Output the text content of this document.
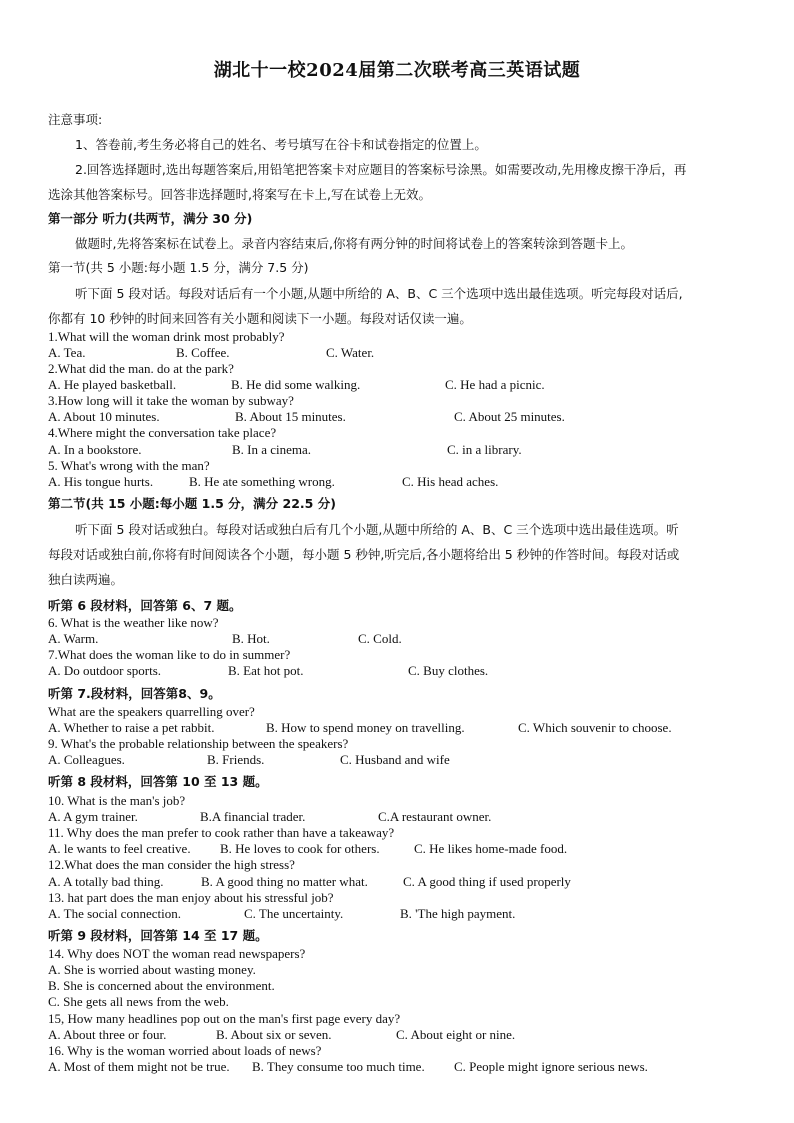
湖北十一校2024届第二次联考高三英语试题
注意事项:
1、答卷前,考生务必将自己的姓名、考号填写在谷卡和试卷指定的位置上。
2.回答选择题时,选出每题答案后,用铅笔把答案卡对应题目的答案标号涂黑。如需要改动,先用橡皮擦干净后，再
选涂其他答案标号。回答非选择题时,将案写在卡上,写在试卷上无效。
第一部分 听力(共两节，满分 30 分)
做题时,先将答案标在试卷上。录音内容结束后,你将有两分钟的时间将试卷上的答案转涂到答题卡上。
第一节(共 5 小题:每小题 1.5 分，满分 7.5 分)
听下面 5 段对话。每段对话后有一个小题,从题中所给的 A、B、C 三个选项中选出最佳选项。听完每段对话后,
你都有 10 秒钟的时间来回答有关小题和阅读下一小题。每段对话仅读一遍。
1.What will the woman drink most probably?
A. Tea.	B. Coffee.	C. Water.
2.What did the man. do at the park?
A. He played basketball.	B. He did some walking.	C. He had a picnic.
3.How long will it take the woman by subway?
A. About 10 minutes.	B. About 15 minutes.	C. About 25 minutes.
4.Where might the conversation take place?
A. In a bookstore.	B. In a cinema.	C. in a library.
5. What's wrong with the man?
A. His tongue hurts.	B. He ate something wrong.	C. His head aches.
第二节(共 15 小题:每小题 1.5 分，满分 22.5 分)
听下面 5 段对话或独白。每段对话或独白后有几个小题,从题中所给的 A、B、C 三个选项中选出最佳选项。听
每段对话或独白前,你将有时间阅读各个小题，每小题 5 秒钟,听完后,各小题将给出 5 秒钟的作答时间。每段对话或
独白读两遍。
听第 6 段材料，回答第 6、7 题。
6. What is the weather like now?
A. Warm.	B. Hot.	C. Cold.
7.What does the woman like to do in summer?
A. Do outdoor sports.	B. Eat hot pot.	C. Buy clothes.
听第 7.段材料，回答第8、9。
What are the speakers quarrelling over?
A. Whether to raise a pet rabbit.	B. How to spend money on travelling.	C. Which souvenir to choose.
9. What's the probable relationship between the speakers?
A. Colleagues.	B. Friends.	C. Husband and wife
听第 8 段材料，回答第 10 至 13 题。
10. What is the man's job?
A. A gym trainer.	B.A financial trader.	C.A restaurant owner.
11. Why does the man prefer to cook rather than have a takeaway?
A. le wants to feel creative. B. He loves to cook for others.	C. He likes home-made food.
12.What does the man consider the high stress?
A. A totally bad thing.	B. A good thing no matter what.	C. A good thing if used properly
13. hat part does the man enjoy about his stressful job?
A. The social connection.	C. The uncertainty.	B. 'The high payment.
听第 9 段材料，回答第 14 至 17 题。
14. Why does NOT the woman read newspapers?
A. She is worried about wasting money.
B. She is concerned about the environment.
C. She gets all news from the web.
15, How many headlines pop out on the man's first page every day?
A. About three or four.	B. About six or seven.	C. About eight or nine.
16. Why is the woman worried about loads of news?
A. Most of them might not be true. B. They consume too much time. C. People might ignore serious news.
